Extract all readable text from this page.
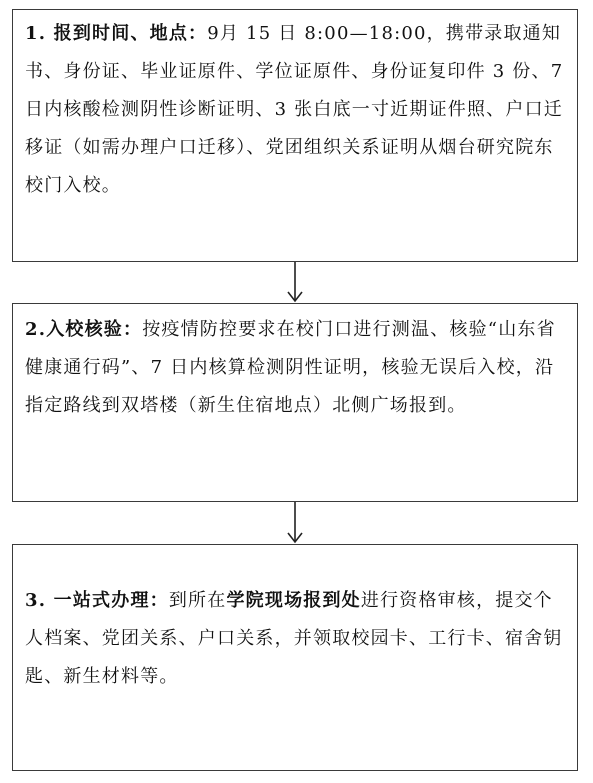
1. 报到时间、地点：9月 15 日 8:00—18:00，携带录取通知书、身份证、毕业证原件、学位证原件、身份证复印件 3 份、7 日内核酸检测阴性诊断证明、3 张白底一寸近期证件照、户口迁移证（如需办理户口迁移）、党团组织关系证明从烟台研究院东校门入校。
2.入校核验：按疫情防控要求在校门口进行测温、核验“山东省健康通行码”、7 日内核算检测阴性证明，核验无误后入校，沿指定路线到双塔楼（新生住宿地点）北侧广场报到。
3. 一站式办理：到所在学院现场报到处进行资格审核，提交个人档案、党团关系、户口关系，并领取校园卡、工行卡、宿舍钥匙、新生材料等。
